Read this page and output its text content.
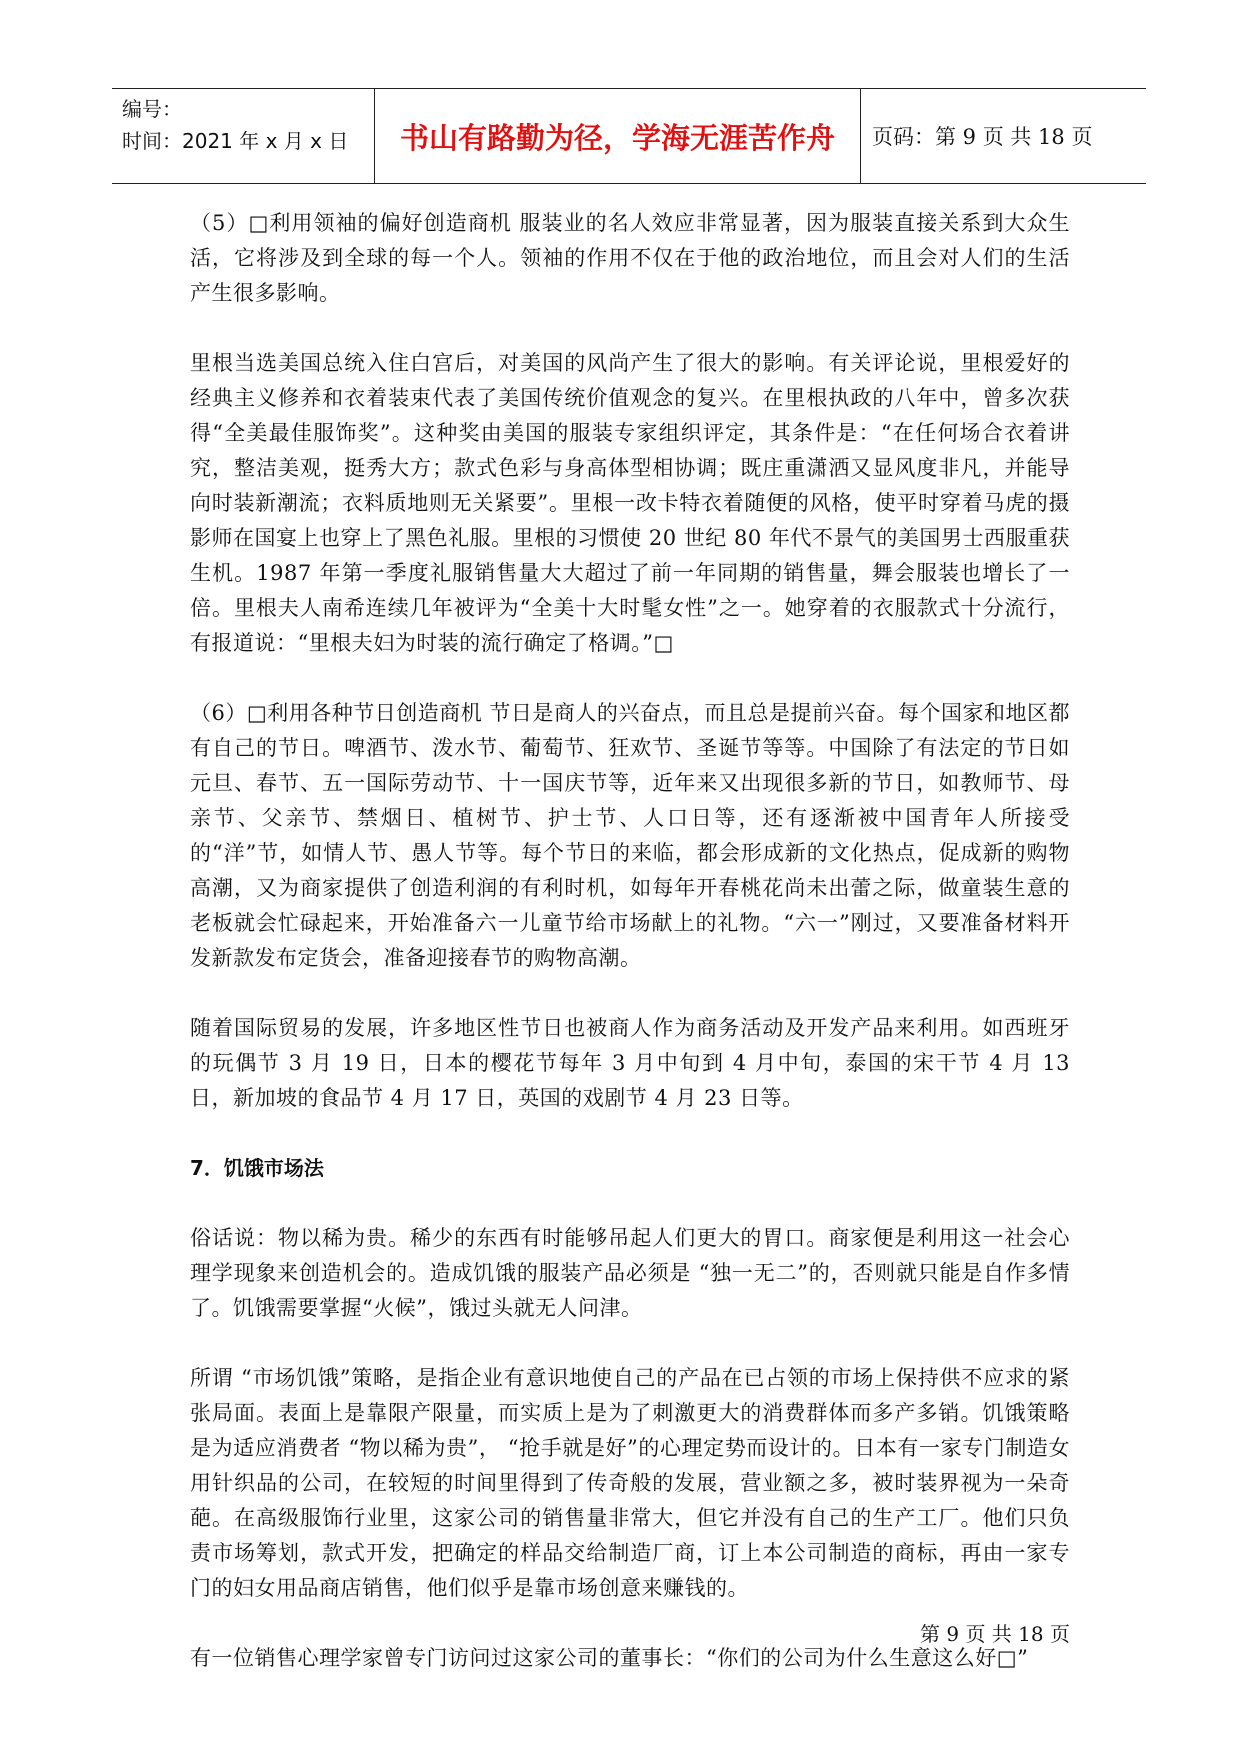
编号：
时间：2021 年 x 月 x 日	书山有路勤为径，学海无涯苦作舟	页码：第 9 页 共 18 页

（5）□利用领袖的偏好创造商机 服装业的名人效应非常显著，因为服装直接关系到大众生活，它将涉及到全球的每一个人。领袖的作用不仅在于他的政治地位，而且会对人们的生活产生很多影响。

里根当选美国总统入住白宫后，对美国的风尚产生了很大的影响。有关评论说，里根爱好的经典主义修养和衣着装束代表了美国传统价值观念的复兴。在里根执政的八年中，曾多次获得“全美最佳服饰奖”。这种奖由美国的服装专家组织评定，其条件是：“在任何场合衣着讲究，整洁美观，挺秀大方；款式色彩与身高体型相协调；既庄重潇洒又显风度非凡，并能导向时装新潮流；衣料质地则无关紧要”。里根一改卡特衣着随便的风格，使平时穿着马虎的摄影师在国宴上也穿上了黑色礼服。里根的习惯使 20 世纪 80 年代不景气的美国男士西服重获生机。1987 年第一季度礼服销售量大大超过了前一年同期的销售量，舞会服装也增长了一倍。里根夫人南希连续几年被评为“全美十大时髦女性”之一。她穿着的衣服款式十分流行，有报道说：“里根夫妇为时装的流行确定了格调。”□

（6）□利用各种节日创造商机 节日是商人的兴奋点，而且总是提前兴奋。每个国家和地区都有自己的节日。啤酒节、泼水节、葡萄节、狂欢节、圣诞节等等。中国除了有法定的节日如元旦、春节、五一国际劳动节、十一国庆节等，近年来又出现很多新的节日，如教师节、母亲节、父亲节、禁烟日、植树节、护士节、人口日等，还有逐渐被中国青年人所接受的“洋”节，如情人节、愚人节等。每个节日的来临，都会形成新的文化热点，促成新的购物高潮，又为商家提供了创造利润的有利时机，如每年开春桃花尚未出蕾之际，做童装生意的老板就会忙碌起来，开始准备六一儿童节给市场献上的礼物。“六一”刚过，又要准备材料开发新款发布定货会，准备迎接春节的购物高潮。

随着国际贸易的发展，许多地区性节日也被商人作为商务活动及开发产品来利用。如西班牙的玩偶节 3 月 19 日，日本的樱花节每年 3 月中旬到 4 月中旬，泰国的宋干节 4 月 13 日，新加坡的食品节 4 月 17 日，英国的戏剧节 4 月 23 日等。

7．饥饿市场法

俗话说：物以稀为贵。稀少的东西有时能够吊起人们更大的胃口。商家便是利用这一社会心理学现象来创造机会的。造成饥饿的服装产品必须是 “独一无二”的，否则就只能是自作多情了。饥饿需要掌握“火候”，饿过头就无人问津。

所谓 “市场饥饿”策略，是指企业有意识地使自己的产品在已占领的市场上保持供不应求的紧张局面。表面上是靠限产限量，而实质上是为了刺激更大的消费群体而多产多销。饥饿策略是为适应消费者 “物以稀为贵”， “抢手就是好”的心理定势而设计的。日本有一家专门制造女用针织品的公司，在较短的时间里得到了传奇般的发展，营业额之多，被时装界视为一朵奇葩。在高级服饰行业里，这家公司的销售量非常大，但它并没有自己的生产工厂。他们只负责市场筹划，款式开发，把确定的样品交给制造厂商，订上本公司制造的商标，再由一家专门的妇女用品商店销售，他们似乎是靠市场创意来赚钱的。

有一位销售心理学家曾专门访问过这家公司的董事长：“你们的公司为什么生意这么好□”

第 9 页 共 18 页
